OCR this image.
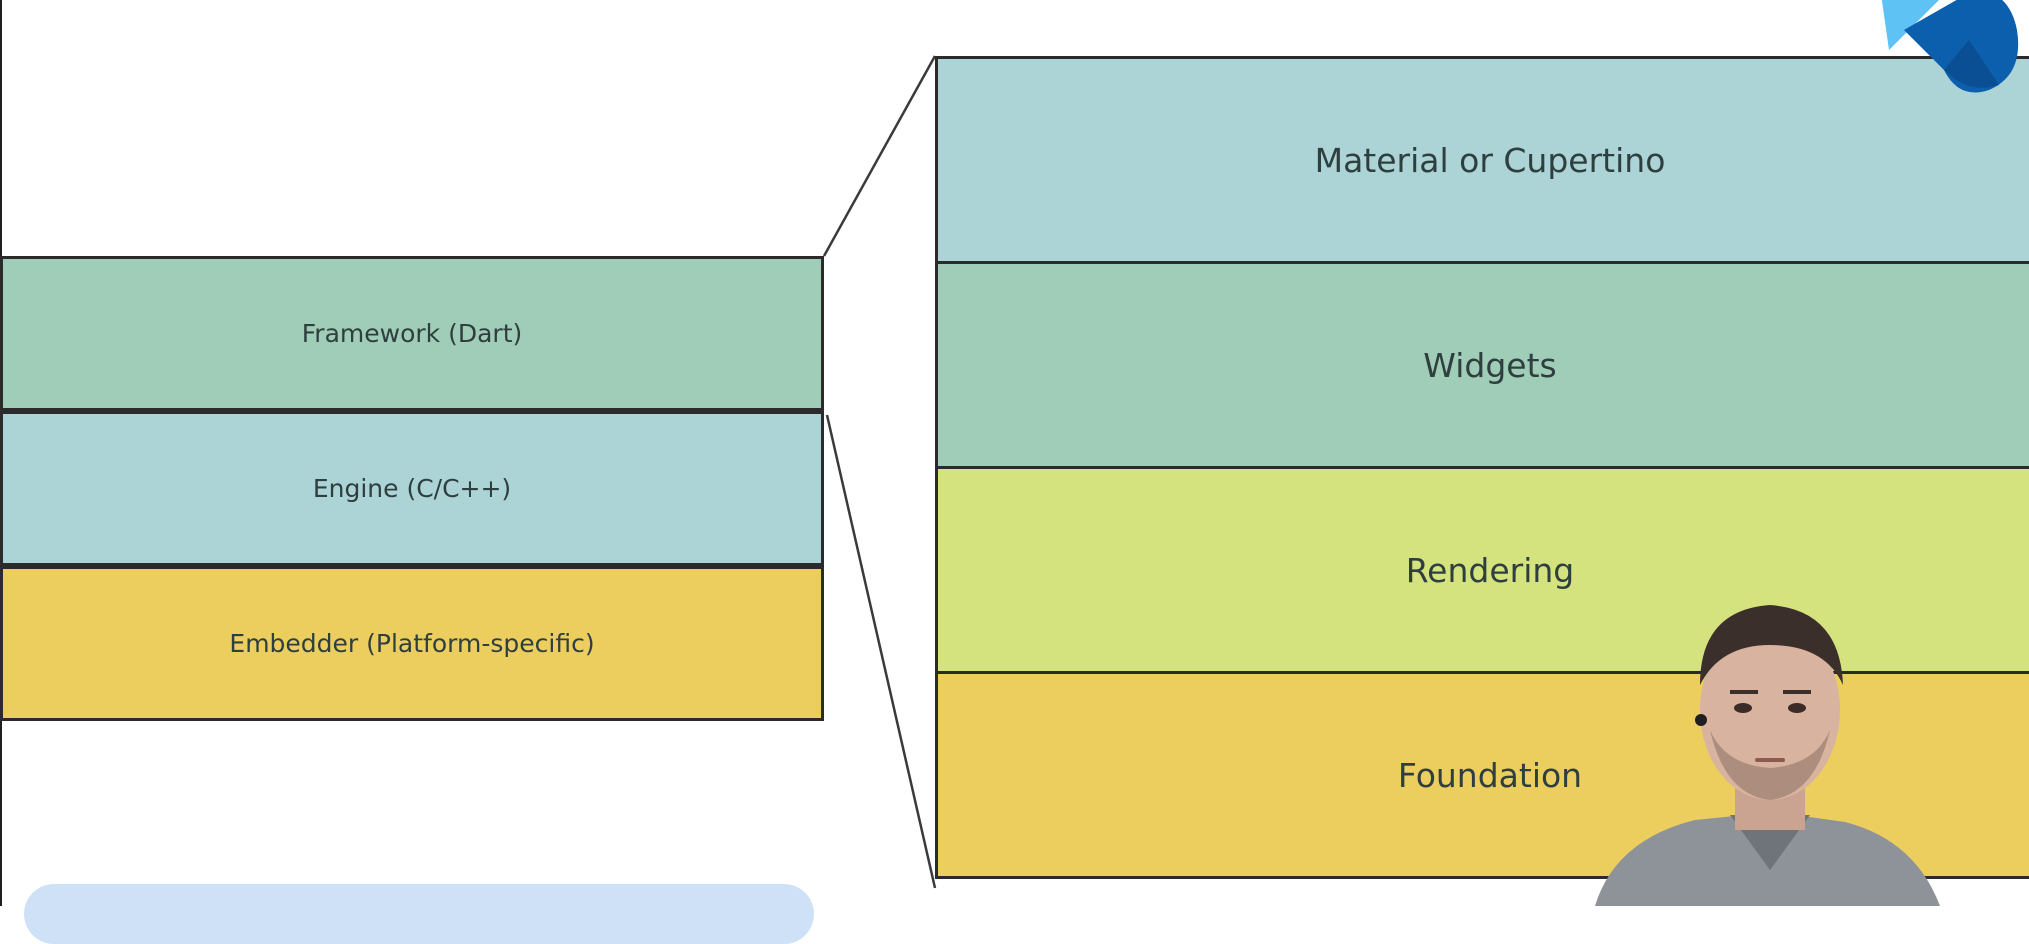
Framework (Dart)
Engine (C/C++)
Embedder (Platform-specific)
Material or Cupertino
Widgets
Rendering
Foundation
